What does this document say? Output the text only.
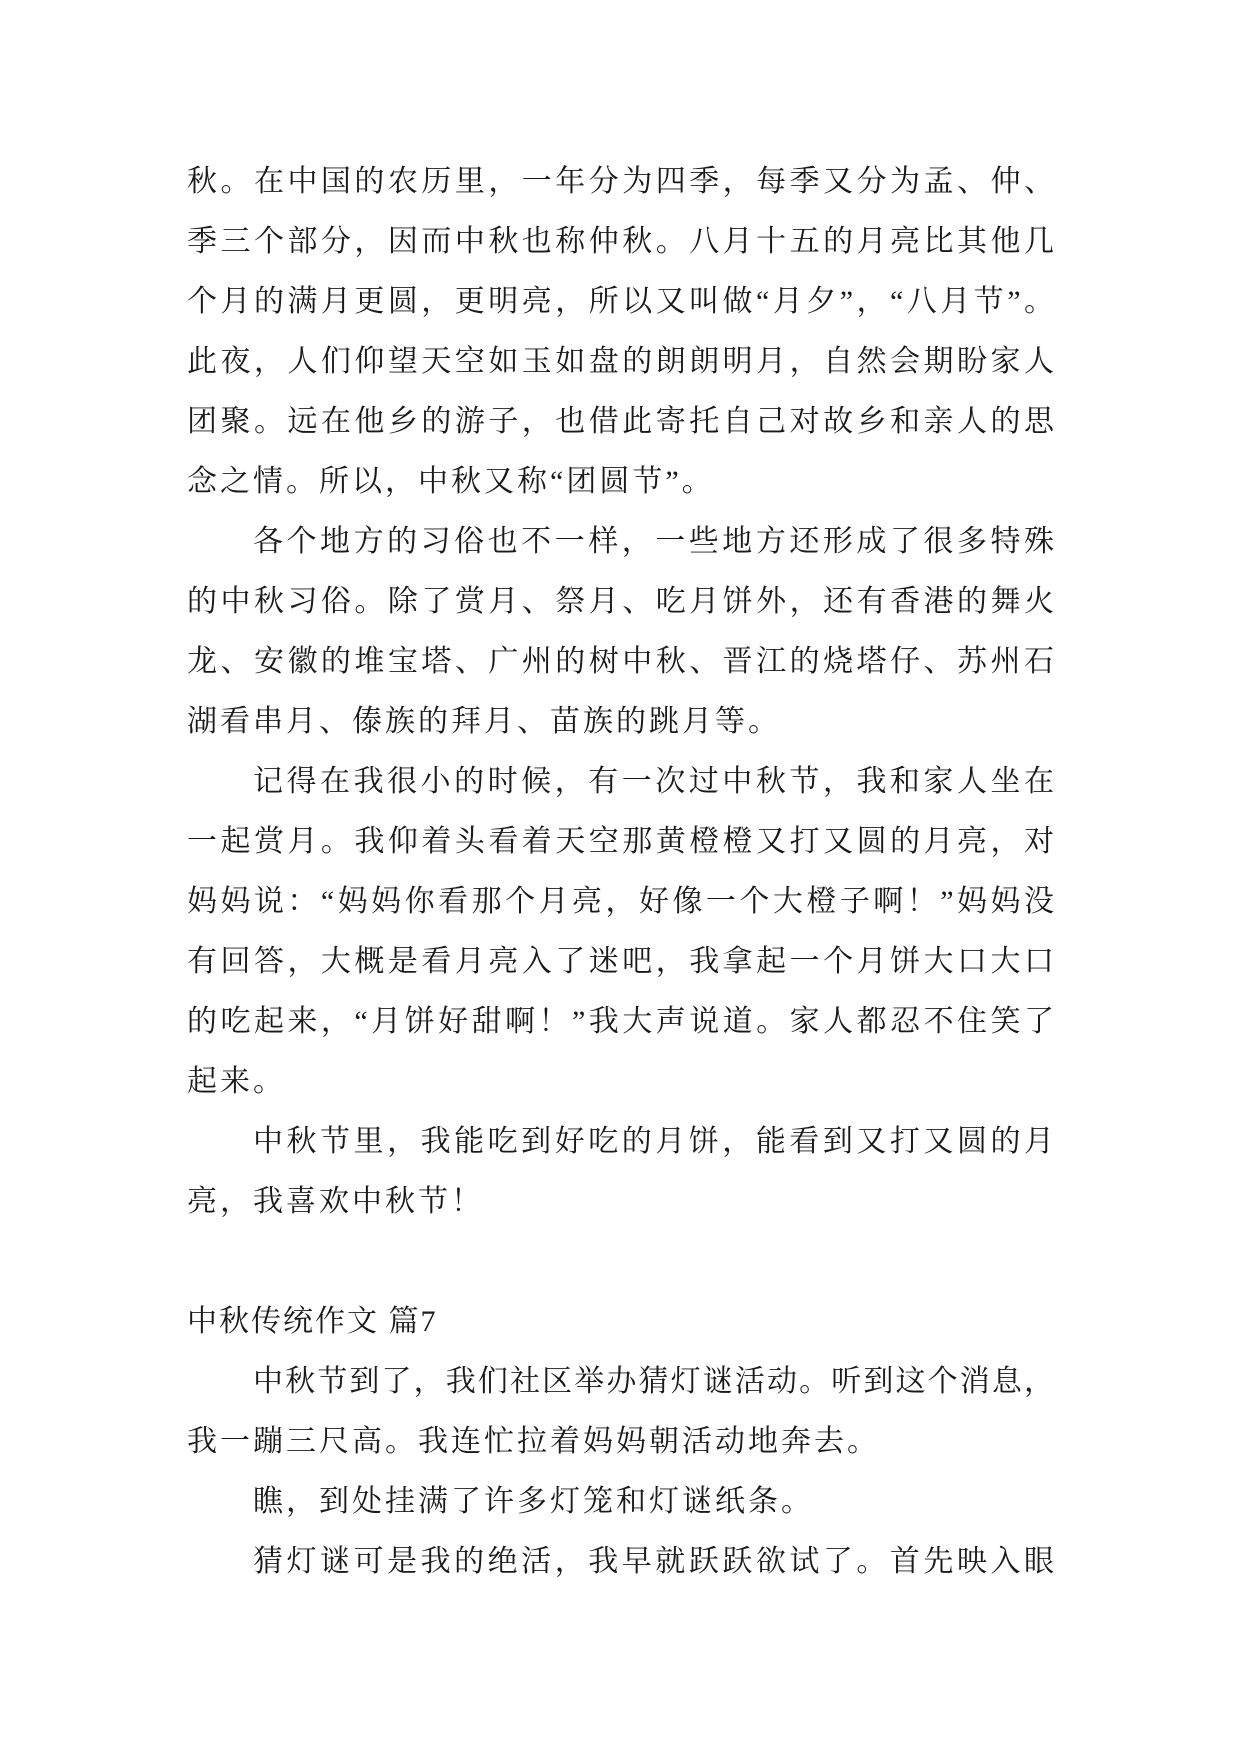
秋。在中国的农历里，一年分为四季，每季又分为孟、仲、
季三个部分，因而中秋也称仲秋。八月十五的月亮比其他几
个月的满月更圆，更明亮，所以又叫做“月夕”，“八月节”。
此夜，人们仰望天空如玉如盘的朗朗明月，自然会期盼家人
团聚。远在他乡的游子，也借此寄托自己对故乡和亲人的思
念之情。所以，中秋又称“团圆节”。
各个地方的习俗也不一样，一些地方还形成了很多特殊
的中秋习俗。除了赏月、祭月、吃月饼外，还有香港的舞火
龙、安徽的堆宝塔、广州的树中秋、晋江的烧塔仔、苏州石
湖看串月、傣族的拜月、苗族的跳月等。
记得在我很小的时候，有一次过中秋节，我和家人坐在
一起赏月。我仰着头看着天空那黄橙橙又打又圆的月亮，对
妈妈说：“妈妈你看那个月亮，好像一个大橙子啊！”妈妈没
有回答，大概是看月亮入了迷吧，我拿起一个月饼大口大口
的吃起来，“月饼好甜啊！”我大声说道。家人都忍不住笑了
起来。
中秋节里，我能吃到好吃的月饼，能看到又打又圆的月
亮，我喜欢中秋节！
中秋传统作文 篇7
中秋节到了，我们社区举办猜灯谜活动。听到这个消息，
我一蹦三尺高。我连忙拉着妈妈朝活动地奔去。
瞧，到处挂满了许多灯笼和灯谜纸条。
猜灯谜可是我的绝活，我早就跃跃欲试了。首先映入眼
